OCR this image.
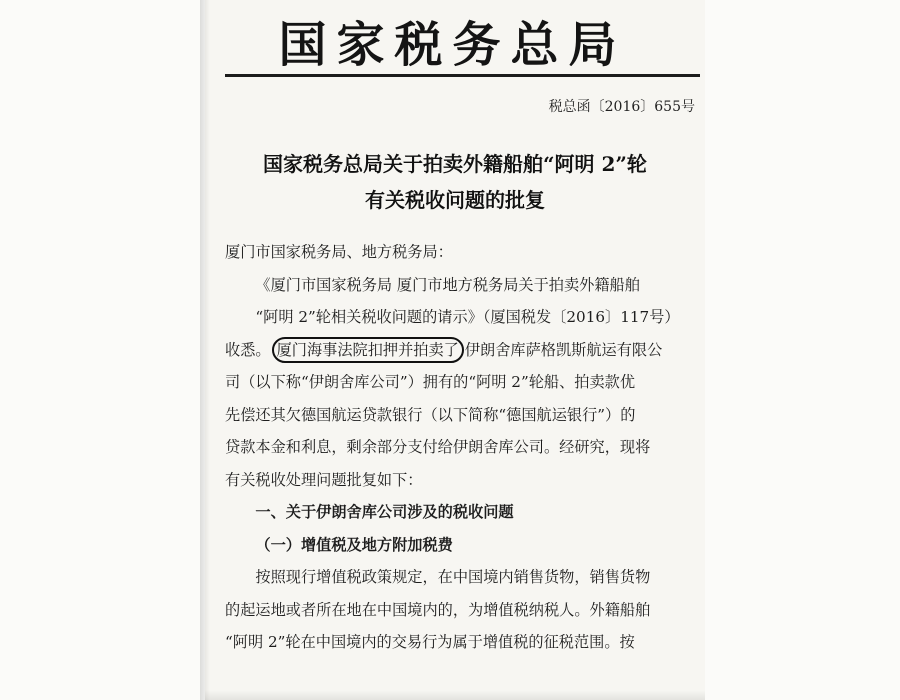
国家税务总局
税总函〔2016〕655号
国家税务总局关于拍卖外籍船舶“阿明 2”轮
有关税收问题的批复

厦门市国家税务局、地方税务局：

《厦门市国家税务局 厦门市地方税务局关于拍卖外籍船舶

“阿明 2”轮相关税收问题的请示》（厦国税发〔2016〕117号）

收悉。 厦门海事法院扣押并拍卖了 伊朗舍库萨格凯斯航运有限公

司（以下称“伊朗舍库公司”）拥有的“阿明 2”轮船、拍卖款优

先偿还其欠德国航运贷款银行（以下简称“德国航运银行”）的

贷款本金和利息，剩余部分支付给伊朗舍库公司。经研究，现将

有关税收处理问题批复如下：

一、关于伊朗舍库公司涉及的税收问题

（一）增值税及地方附加税费

按照现行增值税政策规定，在中国境内销售货物，销售货物

的起运地或者所在地在中国境内的，为增值税纳税人。外籍船舶

“阿明 2”轮在中国境内的交易行为属于增值税的征税范围。按
